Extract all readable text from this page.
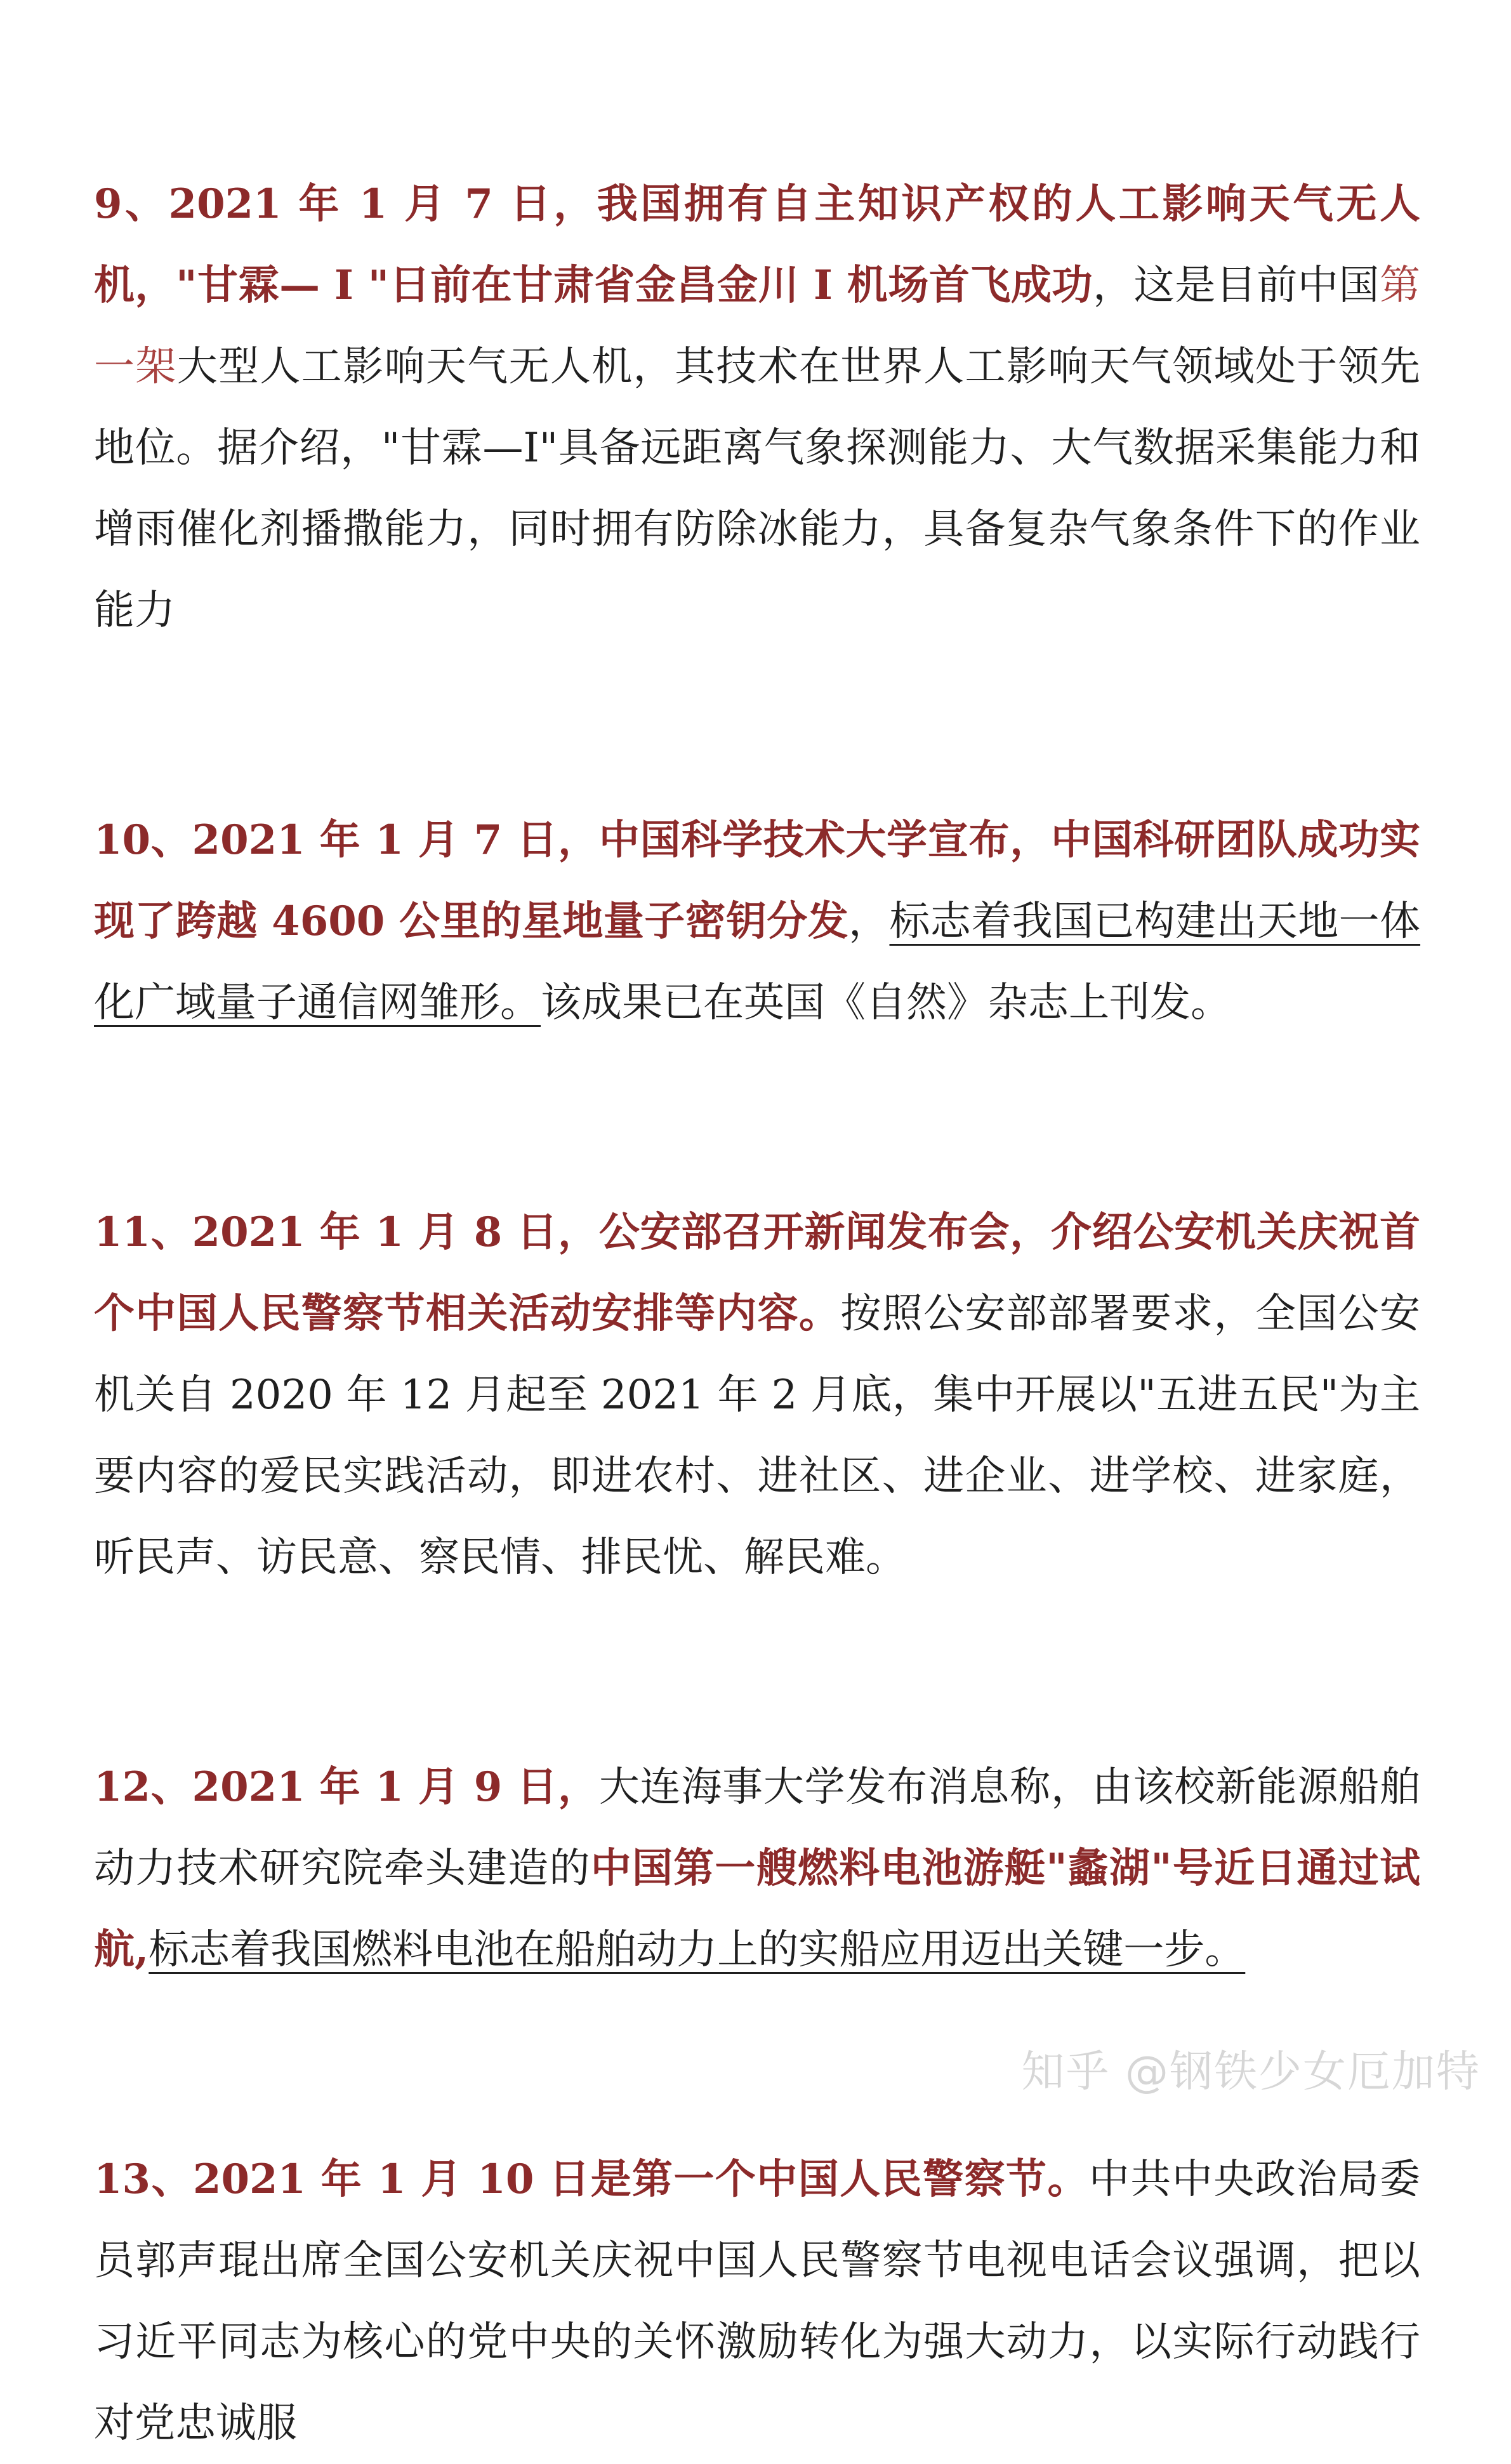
9、2021 年 1 月 7 日，我国拥有自主知识产权的人工影响天气无人机，"甘霖— I "日前在甘肃省金昌金川 I 机场首飞成功，这是目前中国第一架大型人工影响天气无人机，其技术在世界人工影响天气领域处于领先地位。据介绍，"甘霖—I"具备远距离气象探测能力、大气数据采集能力和增雨催化剂播撒能力，同时拥有防除冰能力，具备复杂气象条件下的作业能力

10、2021 年 1 月 7 日，中国科学技术大学宣布，中国科研团队成功实现了跨越 4600 公里的星地量子密钥分发，标志着我国已构建出天地一体化广域量子通信网雏形。该成果已在英国《自然》杂志上刊发。

11、2021 年 1 月 8 日，公安部召开新闻发布会，介绍公安机关庆祝首个中国人民警察节相关活动安排等内容。按照公安部部署要求，全国公安机关自 2020 年 12 月起至 2021 年 2 月底，集中开展以"五进五民"为主要内容的爱民实践活动，即进农村、进社区、进企业、进学校、进家庭，听民声、访民意、察民情、排民忧、解民难。

12、2021 年 1 月 9 日，大连海事大学发布消息称，由该校新能源船舶动力技术研究院牵头建造的中国第一艘燃料电池游艇"蠡湖"号近日通过试航,标志着我国燃料电池在船舶动力上的实船应用迈出关键一步。

13、2021 年 1 月 10 日是第一个中国人民警察节。中共中央政治局委员郭声琨出席全国公安机关庆祝中国人民警察节电视电话会议强调，把以习近平同志为核心的党中央的关怀激励转化为强大动力，以实际行动践行对党忠诚服

知乎 @钢铁少女厄加特
